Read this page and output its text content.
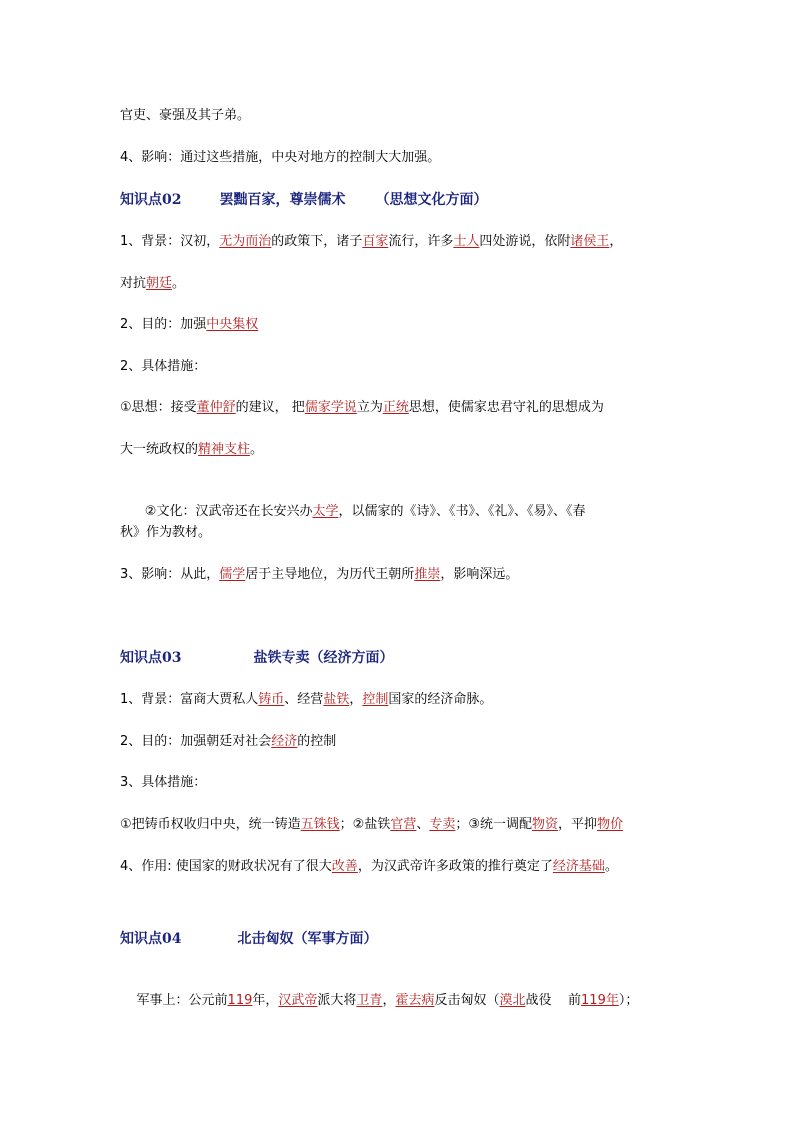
官吏、豪强及其子弟。
4、影响：通过这些措施，中央对地方的控制大大加强。
知识点02	罢黜百家，尊崇儒术 （思想文化方面）
1、背景：汉初，无为而治的政策下，诸子百家流行，许多士人四处游说，依附诸侯王，
对抗朝廷。
2、目的：加强中央集权
2、具体措施：
①思想：接受董仲舒的建议， 把儒家学说立为正统思想，使儒家忠君守礼的思想成为
大一统政权的精神支柱。

②文化：汉武帝还在长安兴办太学，以儒家的《诗》、《书》、《礼》、《易》、《春

秋》作为教材。
3、影响：从此，儒学居于主导地位，为历代王朝所推崇，影响深远。
知识点03	盐铁专卖（经济方面）
1、背景：富商大贾私人铸币、经营盐铁，控制国家的经济命脉。
2、目的：加强朝廷对社会经济的控制
3、具体措施：
①把铸币权收归中央，统一铸造五铢钱；②盐铁官营、专卖；③统一调配物资，平抑物价
4、作用: 使国家的财政状况有了很大改善，为汉武帝许多政策的推行奠定了经济基础。
知识点04	北击匈奴（军事方面）

军事上：公元前119年，汉武帝派大将卫青，霍去病反击匈奴（漠北战役    前119年）；
